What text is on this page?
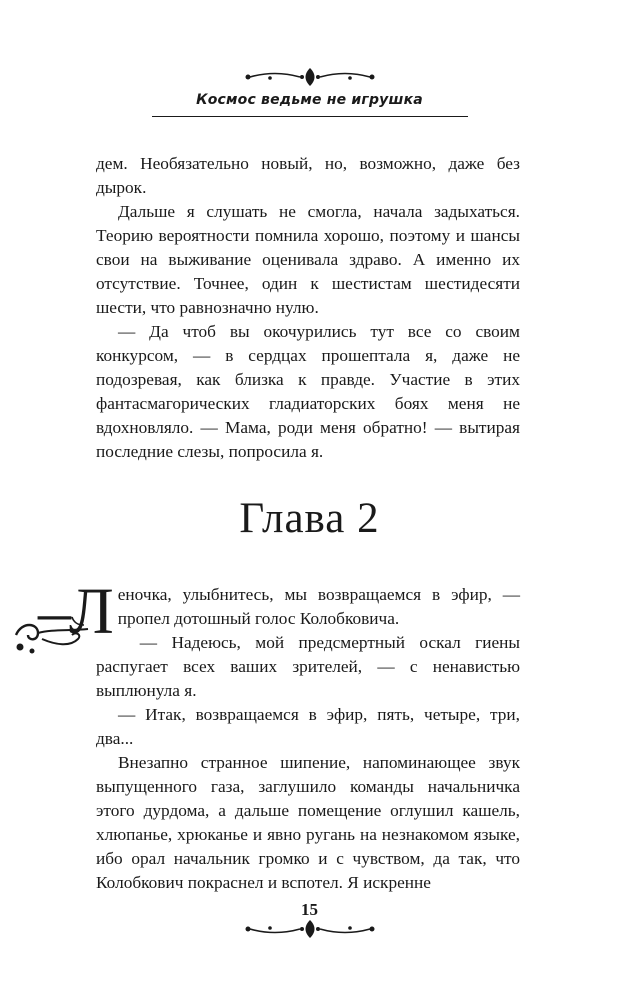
Космос ведьме не игрушка

дем. Необязательно новый, но, возможно, даже без дырок.

Дальше я слушать не смогла, начала задыхаться. Теорию вероятности помнила хорошо, поэтому и шансы свои на выживание оценивала здраво. А именно их отсутствие. Точнее, один к шестистам шестидесяти шести, что равнозначно нулю.

— Да чтоб вы окочурились тут все со своим конкурсом, — в сердцах прошептала я, даже не подозревая, как близка к правде. Участие в этих фантасмагорических гладиаторских боях меня не вдохновляло. — Мама, роди меня обратно! — вытирая последние слезы, попросила я.

Глава 2

–Л еночка, улыбнитесь, мы возвращаемся в эфир, — пропел дотошный голос Колобковича.

— Надеюсь, мой предсмертный оскал гиены распугает всех ваших зрителей, — с ненавистью выплюнула я.

— Итак, возвращаемся в эфир, пять, четыре, три, два...

Внезапно странное шипение, напоминающее звук выпущенного газа, заглушило команды начальничка этого дурдома, а дальше помещение оглушил кашель, хлюпанье, хрюканье и явно ругань на незнакомом языке, ибо орал начальник громко и с чувством, да так, что Колобкович покраснел и вспотел. Я искренне

15
